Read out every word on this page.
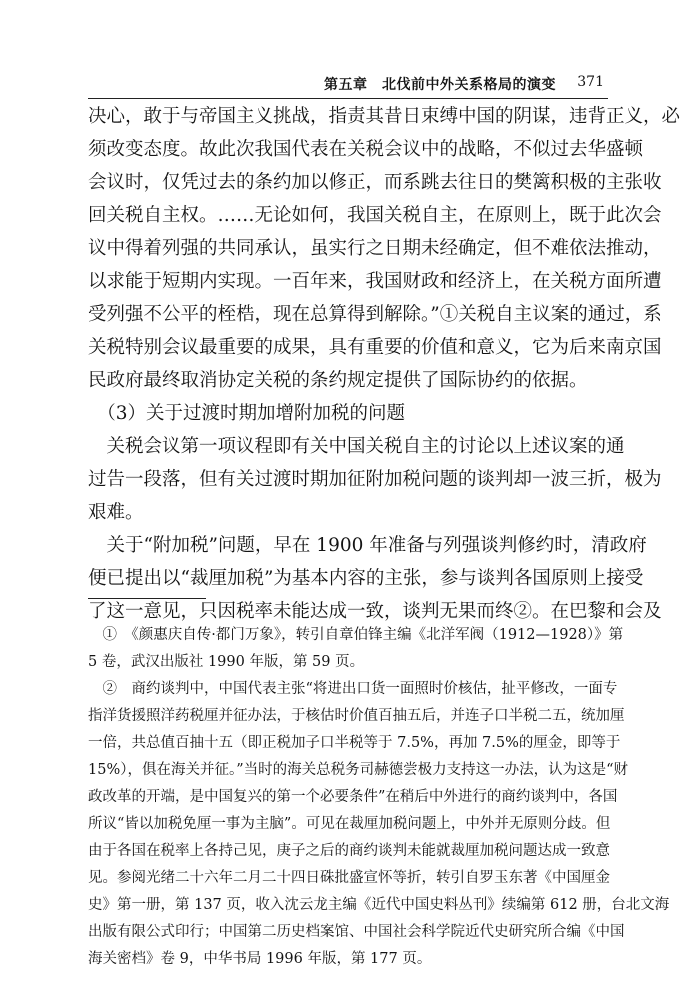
第五章　北伐前中外关系格局的演变 371
决心，敢于与帝国主义挑战，指责其昔日束缚中国的阴谋，违背正义，必
须改变态度。故此次我国代表在关税会议中的战略，不似过去华盛顿
会议时，仅凭过去的条约加以修正，而系跳去往日的樊篱积极的主张收
回关税自主权。……无论如何，我国关税自主，在原则上，既于此次会
议中得着列强的共同承认，虽实行之日期未经确定，但不难依法推动，
以求能于短期内实现。一百年来，我国财政和经济上，在关税方面所遭
受列强不公平的桎梏，现在总算得到解除。”①关税自主议案的通过，系
关税特别会议最重要的成果，具有重要的价值和意义，它为后来南京国
民政府最终取消协定关税的条约规定提供了国际协约的依据。
　（3）关于过渡时期加增附加税的问题
　关税会议第一项议程即有关中国关税自主的讨论以上述议案的通
过告一段落，但有关过渡时期加征附加税问题的谈判却一波三折，极为
艰难。
　关于“附加税”问题，早在 1900 年准备与列强谈判修约时，清政府
便已提出以“裁厘加税”为基本内容的主张，参与谈判各国原则上接受
了这一意见，只因税率未能达成一致，谈判无果而终②。在巴黎和会及
　①　《颜惠庆自传·都门万象》，转引自章伯锋主编《北洋军阀（1912—1928）》第
5 卷，武汉出版社 1990 年版，第 59 页。
　②　商约谈判中，中国代表主张“将进出口货一面照时价核估，扯平修改，一面专
指洋货援照洋药税厘并征办法，于核估时价值百抽五后，并连子口半税二五，统加厘
一倍，共总值百抽十五（即正税加子口半税等于 7.5%，再加 7.5%的厘金，即等于
15%），俱在海关并征。”当时的海关总税务司赫德尝极力支持这一办法，认为这是“财
政改革的开端，是中国复兴的第一个必要条件”在稍后中外进行的商约谈判中，各国
所议“皆以加税免厘一事为主脑”。可见在裁厘加税问题上，中外并无原则分歧。但
由于各国在税率上各持己见，庚子之后的商约谈判未能就裁厘加税问题达成一致意
见。参阅光绪二十六年二月二十四日硃批盛宣怀等折，转引自罗玉东著《中国厘金
史》第一册，第 137 页，收入沈云龙主编《近代中国史料丛刊》续编第 612 册，台北文海
出版有限公式印行；中国第二历史档案馆、中国社会科学院近代史研究所合编《中国
海关密档》卷 9，中华书局 1996 年版，第 177 页。
